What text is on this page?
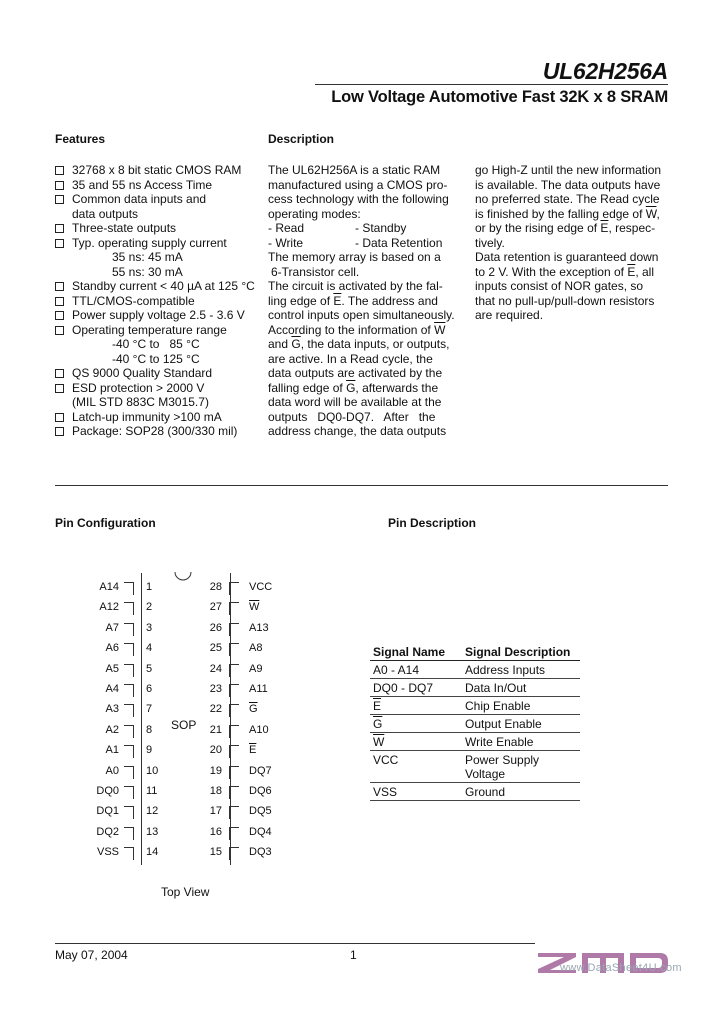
UL62H256A
Low Voltage Automotive Fast 32K x 8 SRAM
Features	Description
32768 x 8 bit static CMOS RAM
35 and 55 ns Access Time
Common data inputs and
data outputs
Three-state outputs
Typ. operating supply current
35 ns: 45 mA
55 ns: 30 mA
Standby current < 40 µA at 125 °C
TTL/CMOS-compatible
Power supply voltage 2.5 - 3.6 V
Operating temperature range
-40 °C to   85 °C
-40 °C to 125 °C
QS 9000 Quality Standard
ESD protection > 2000 V
(MIL STD 883C M3015.7)
Latch-up immunity >100 mA
Package: SOP28 (300/330 mil)
The UL62H256A is a static RAM
manufactured using a CMOS pro-
cess technology with the following
operating modes:
- Read
- Write
- Standby
- Data Retention
The memory array is based on a
6-Transistor cell.
The circuit is activated by the fal-
ling edge of $\overline{E}$. The address and
control inputs open simultaneously.
According to the information of $\overline{W}$
and $\overline{G}$, the data inputs, or outputs,
are active. In a Read cycle, the
data outputs are activated by the
falling edge of $\overline{G}$, afterwards the
data word will be available at the
outputs   DQ0-DQ7.   After   the
address change, the data outputs
go High-Z until the new information
is available. The data outputs have
no preferred state. The Read cycle
is finished by the falling edge of $\overline{W}$,
or by the rising edge of $\overline{E}$, respec-
tively.
Data retention is guaranteed down
to 2 V. With the exception of $\overline{E}$, all
inputs consist of NOR gates, so
that no pull-up/pull-down resistors
are required.
Pin Configuration	Pin Description
SOP
Top View
A14 1
A12 2
A7 3
A6 4
A5 5
A4 6
A3 7
A2 8
A1 9
A0 10
DQ0 11
DQ1 12
DQ2 13
VSS 14
28 VCC
27 $\overline{W}$
26 A13
25 A8
24 A9
23 A11
22 $\overline{G}$
21 A10
20 $\overline{E}$
19 DQ7
18 DQ6
17 DQ5
16 DQ4
15 DQ3
Signal Name	Signal Description
A0 - A14	Address Inputs
DQ0 - DQ7	Data In/Out
$\overline{E}$	Chip Enable
$\overline{G}$	Output Enable
$\overline{W}$	Write Enable
VCC	Power Supply
Voltage
VSS	Ground
May 07, 2004	1
www.DataSheet4U.com
